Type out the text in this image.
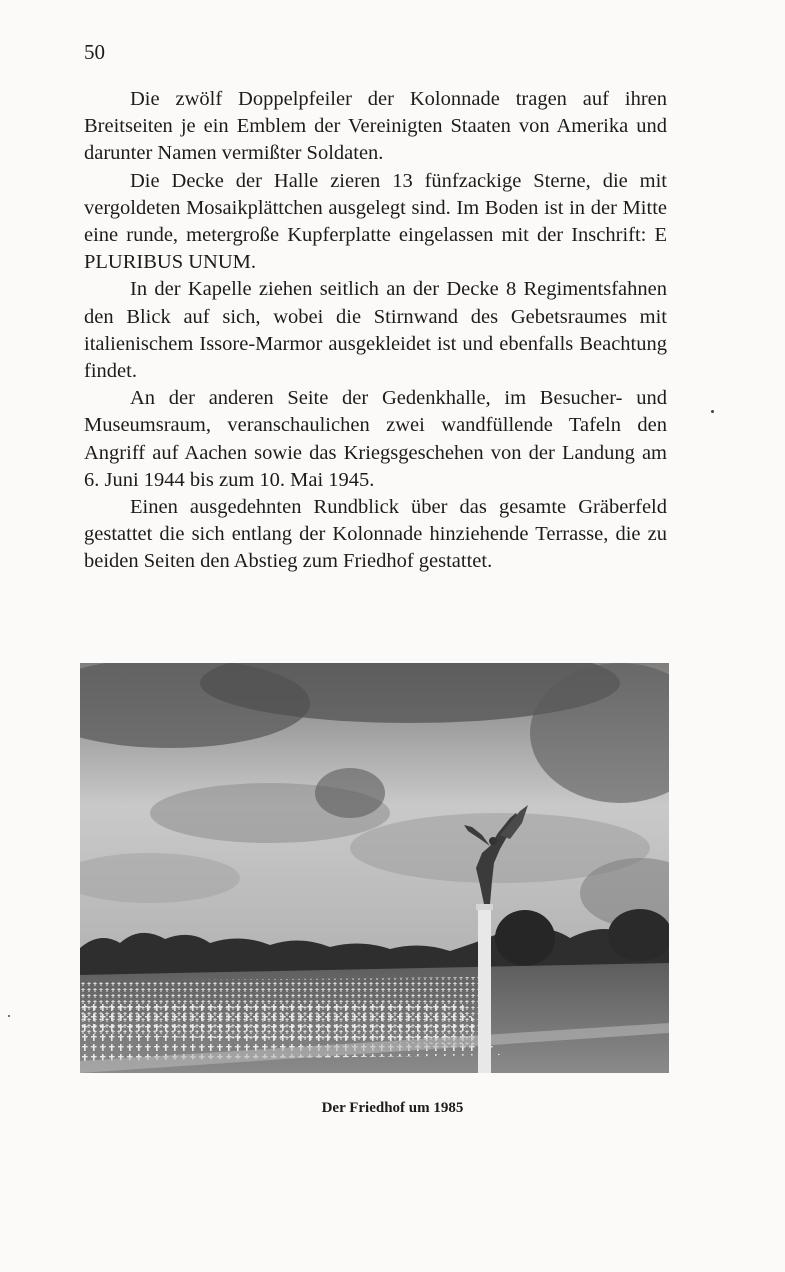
50

Die zwölf Doppelpfeiler der Kolonnade tragen auf ihren Breitseiten je ein Emblem der Vereinigten Staaten von Amerika und darunter Namen vermißter Soldaten.

Die Decke der Halle zieren 13 fünfzackige Sterne, die mit vergoldeten Mosaikplättchen ausgelegt sind. Im Boden ist in der Mitte eine runde, metergroße Kupferplatte eingelassen mit der Inschrift: E PLURIBUS UNUM.

In der Kapelle ziehen seitlich an der Decke 8 Regimentsfahnen den Blick auf sich, wobei die Stirnwand des Gebetsraumes mit italienischem Issore-Marmor ausgekleidet ist und ebenfalls Beachtung findet.

An der anderen Seite der Gedenkhalle, im Besucher- und Museumsraum, veranschaulichen zwei wandfüllende Tafeln den Angriff auf Aachen sowie das Kriegsgeschehen von der Landung am 6. Juni 1944 bis zum 10. Mai 1945.

Einen ausgedehnten Rundblick über das gesamte Gräberfeld gestattet die sich entlang der Kolonnade hinziehende Terrasse, die zu beiden Seiten den Abstieg zum Friedhof gestattet.

Der Friedhof um 1985
